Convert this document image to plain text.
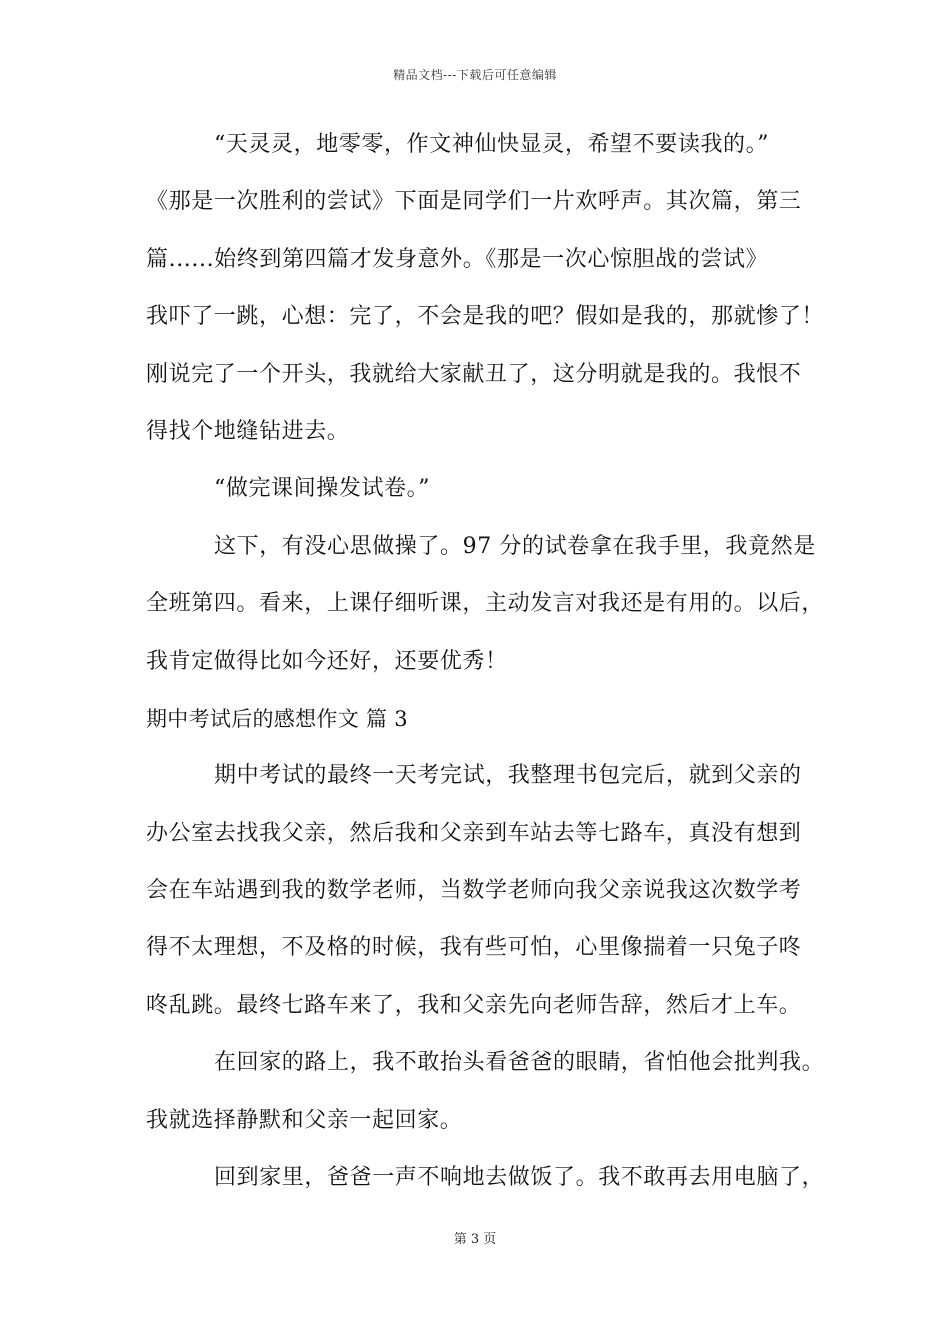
精品文档---下载后可任意编辑
“天灵灵，地零零，作文神仙快显灵，希望不要读我的。”
《那是一次胜利的尝试》下面是同学们一片欢呼声。其次篇，第三
篇......始终到第四篇才发身意外。《那是一次心惊胆战的尝试》
我吓了一跳，心想：完了，不会是我的吧？假如是我的，那就惨了！
刚说完了一个开头，我就给大家献丑了，这分明就是我的。我恨不
得找个地缝钻进去。
“做完课间操发试卷。”
这下，有没心思做操了。97 分的试卷拿在我手里，我竟然是
全班第四。看来，上课仔细听课，主动发言对我还是有用的。以后，
我肯定做得比如今还好，还要优秀！
期中考试后的感想作文 篇 3
期中考试的最终一天考完试，我整理书包完后，就到父亲的
办公室去找我父亲，然后我和父亲到车站去等七路车，真没有想到
会在车站遇到我的数学老师，当数学老师向我父亲说我这次数学考
得不太理想，不及格的时候，我有些可怕，心里像揣着一只兔子咚
咚乱跳。最终七路车来了，我和父亲先向老师告辞，然后才上车。
在回家的路上，我不敢抬头看爸爸的眼睛，省怕他会批判我。
我就选择静默和父亲一起回家。
回到家里，爸爸一声不响地去做饭了。我不敢再去用电脑了，
第 3 页
